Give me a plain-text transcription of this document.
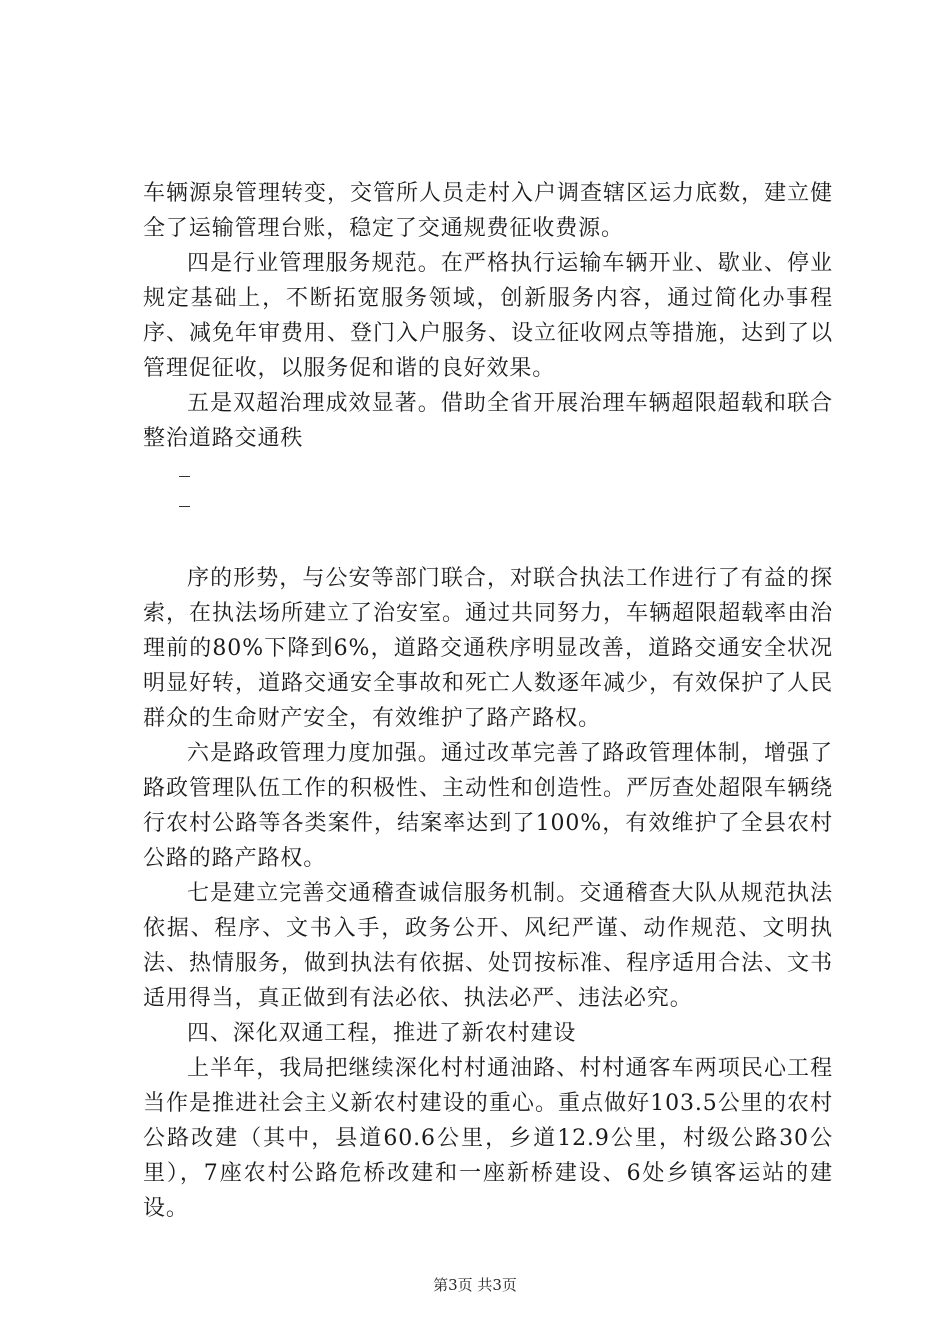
车辆源泉管理转变，交管所人员走村入户调查辖区运力底数，建立健全了运输管理台账，稳定了交通规费征收费源。

四是行业管理服务规范。在严格执行运输车辆开业、歇业、停业规定基础上，不断拓宽服务领域，创新服务内容，通过简化办事程序、减免年审费用、登门入户服务、设立征收网点等措施，达到了以管理促征收，以服务促和谐的良好效果。

五是双超治理成效显著。借助全省开展治理车辆超限超载和联合整治道路交通秩

序的形势，与公安等部门联合，对联合执法工作进行了有益的探索，在执法场所建立了治安室。通过共同努力，车辆超限超载率由治理前的80%下降到6%，道路交通秩序明显改善，道路交通安全状况明显好转，道路交通安全事故和死亡人数逐年减少，有效保护了人民群众的生命财产安全，有效维护了路产路权。

六是路政管理力度加强。通过改革完善了路政管理体制，增强了路政管理队伍工作的积极性、主动性和创造性。严厉查处超限车辆绕行农村公路等各类案件，结案率达到了100%，有效维护了全县农村公路的路产路权。

七是建立完善交通稽查诚信服务机制。交通稽查大队从规范执法依据、程序、文书入手，政务公开、风纪严谨、动作规范、文明执法、热情服务，做到执法有依据、处罚按标准、程序适用合法、文书适用得当，真正做到有法必依、执法必严、违法必究。

四、深化双通工程，推进了新农村建设

上半年，我局把继续深化村村通油路、村村通客车两项民心工程当作是推进社会主义新农村建设的重心。重点做好103.5公里的农村公路改建（其中，县道60.6公里，乡道12.9公里，村级公路30公里），7座农村公路危桥改建和一座新桥建设、6处乡镇客运站的建设。

第3页 共3页
